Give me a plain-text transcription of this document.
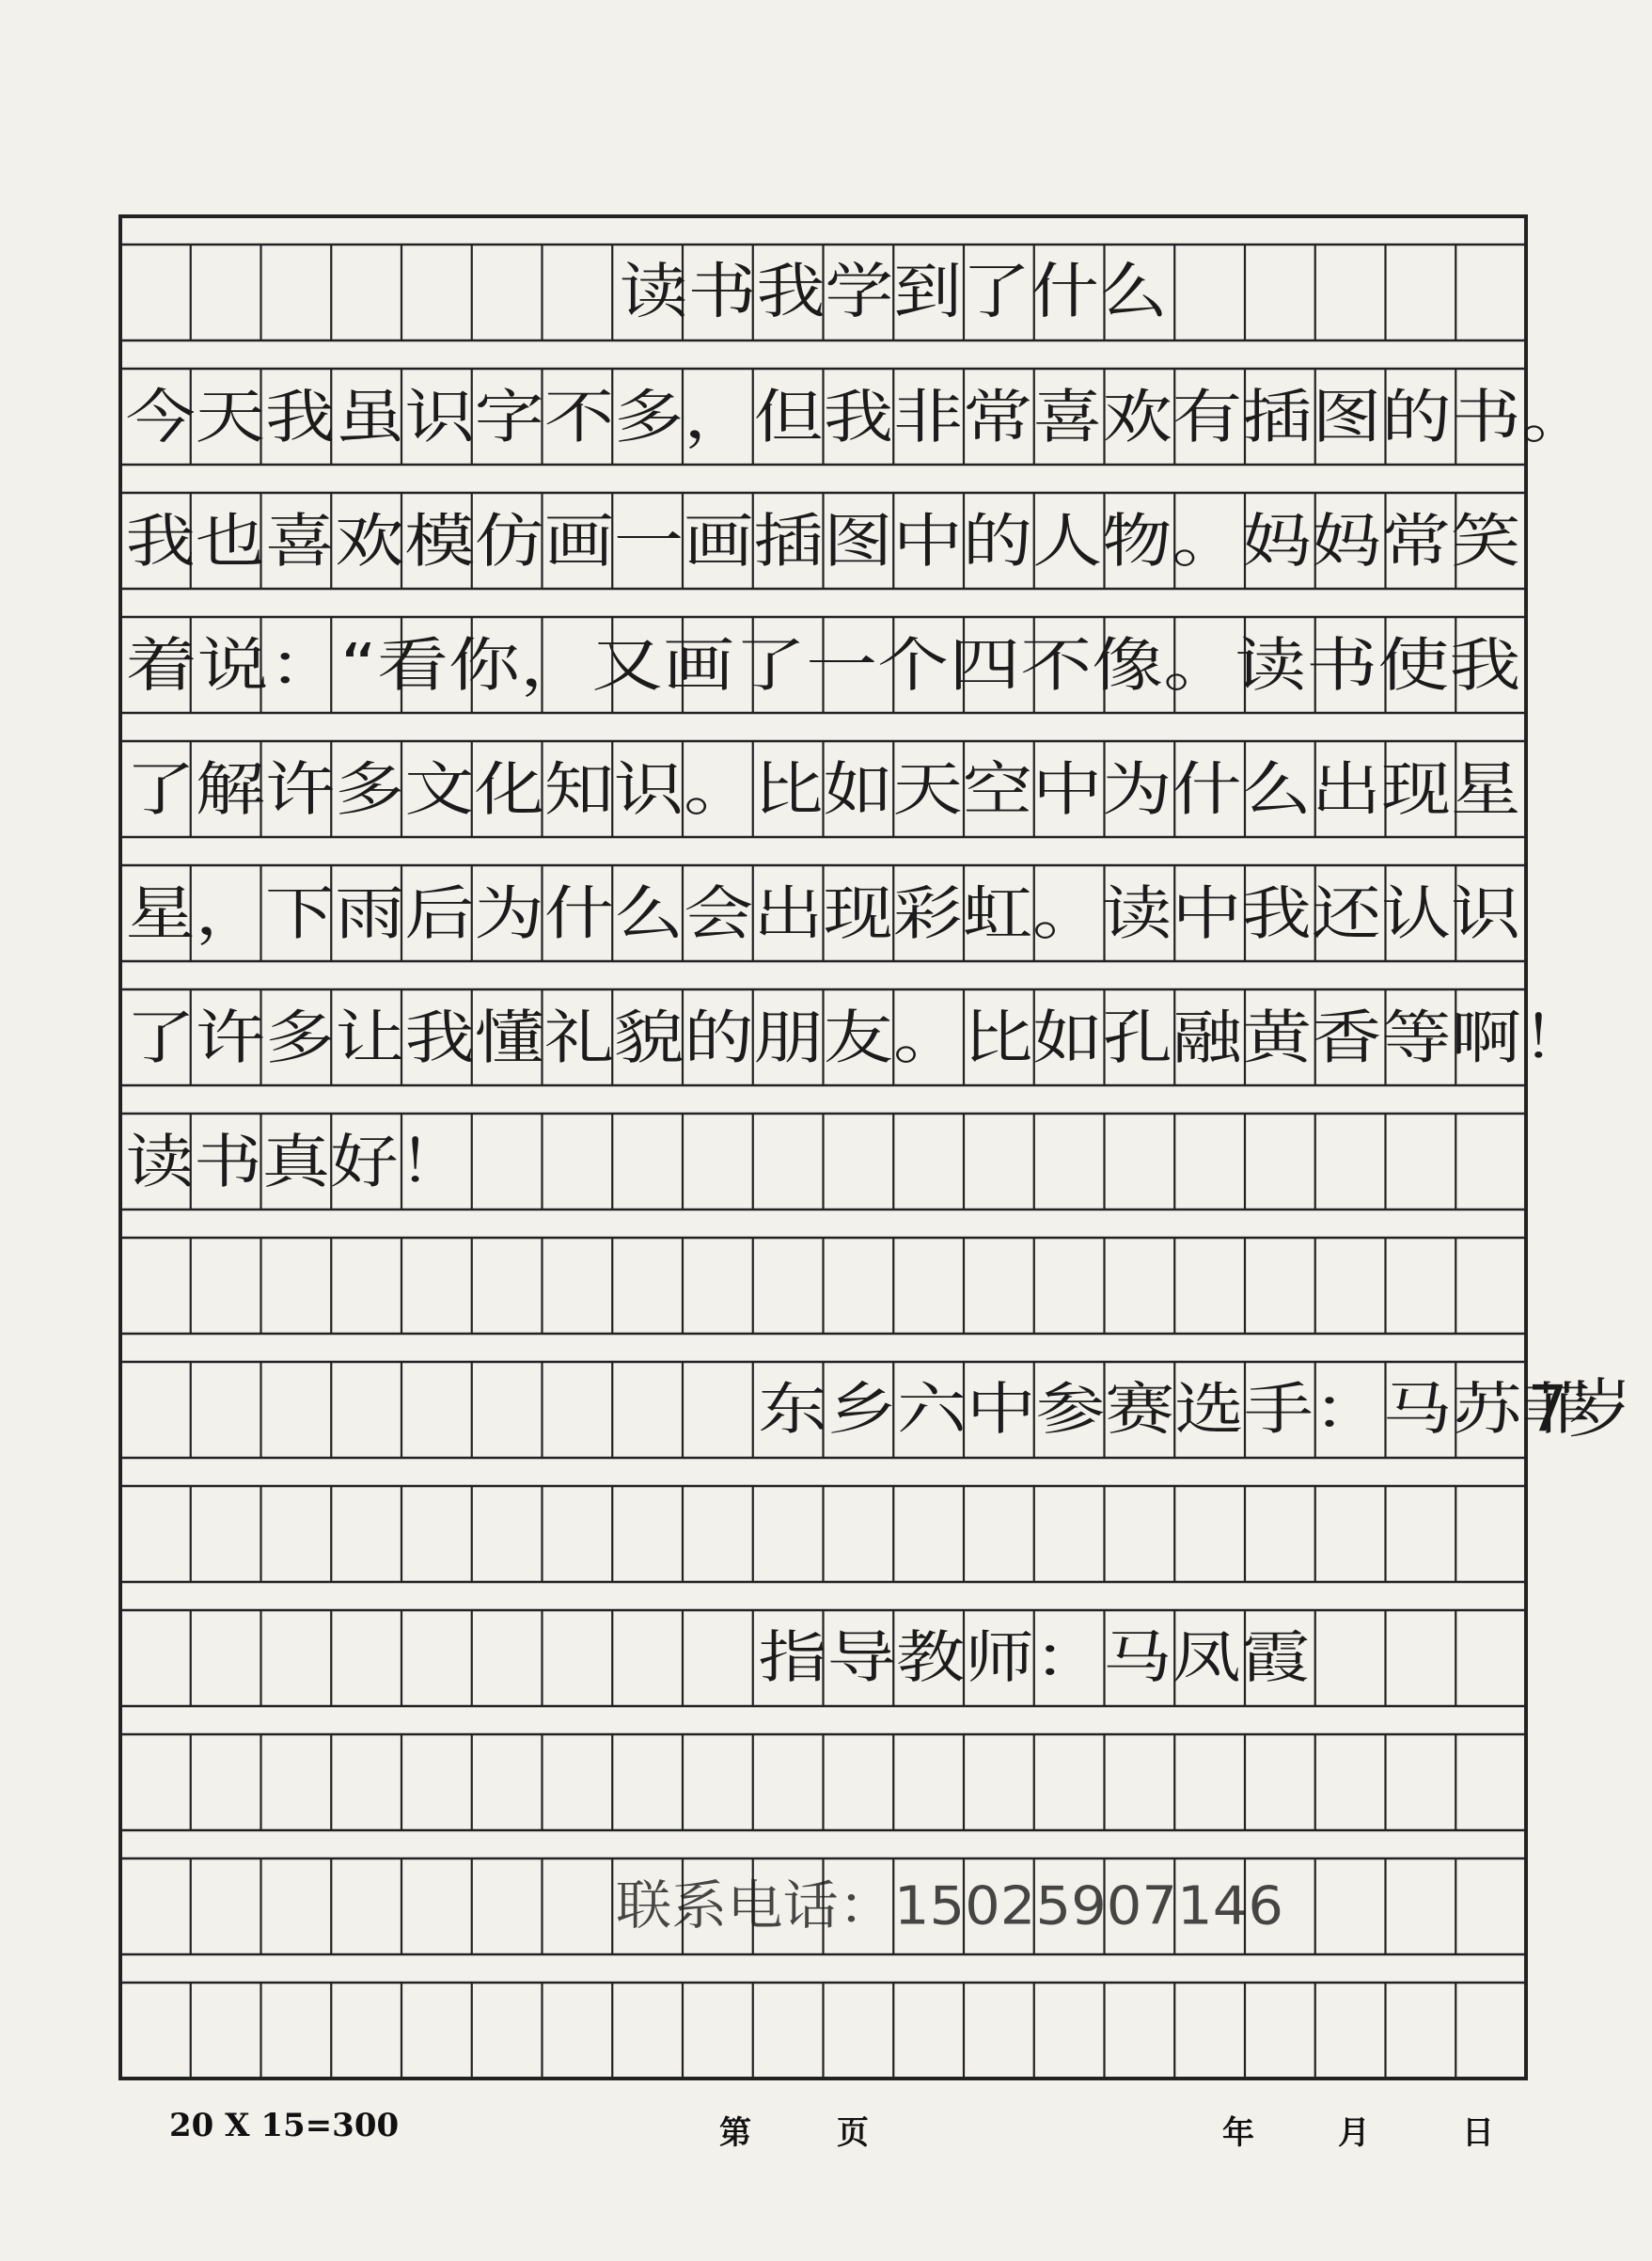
今天我虽识字不多，但我非常喜欢有插图的书。
我也喜欢模仿画一画插图中的人物。妈妈常笑
着说：“看你，又画了一个四不像。读书使我
了解许多文化知识。比如天空中为什么出现星
星，下雨后为什么会出现彩虹。读中我还认识
了许多让我懂礼貌的朋友。比如孔融黄香等啊！
读书真好！
读书我学到了什么
东乡六中参赛选手：马苏菲
7岁
指导教师：马凤霞
联系电话：15025907146
20 X 15=300	第	页	年	月	日
